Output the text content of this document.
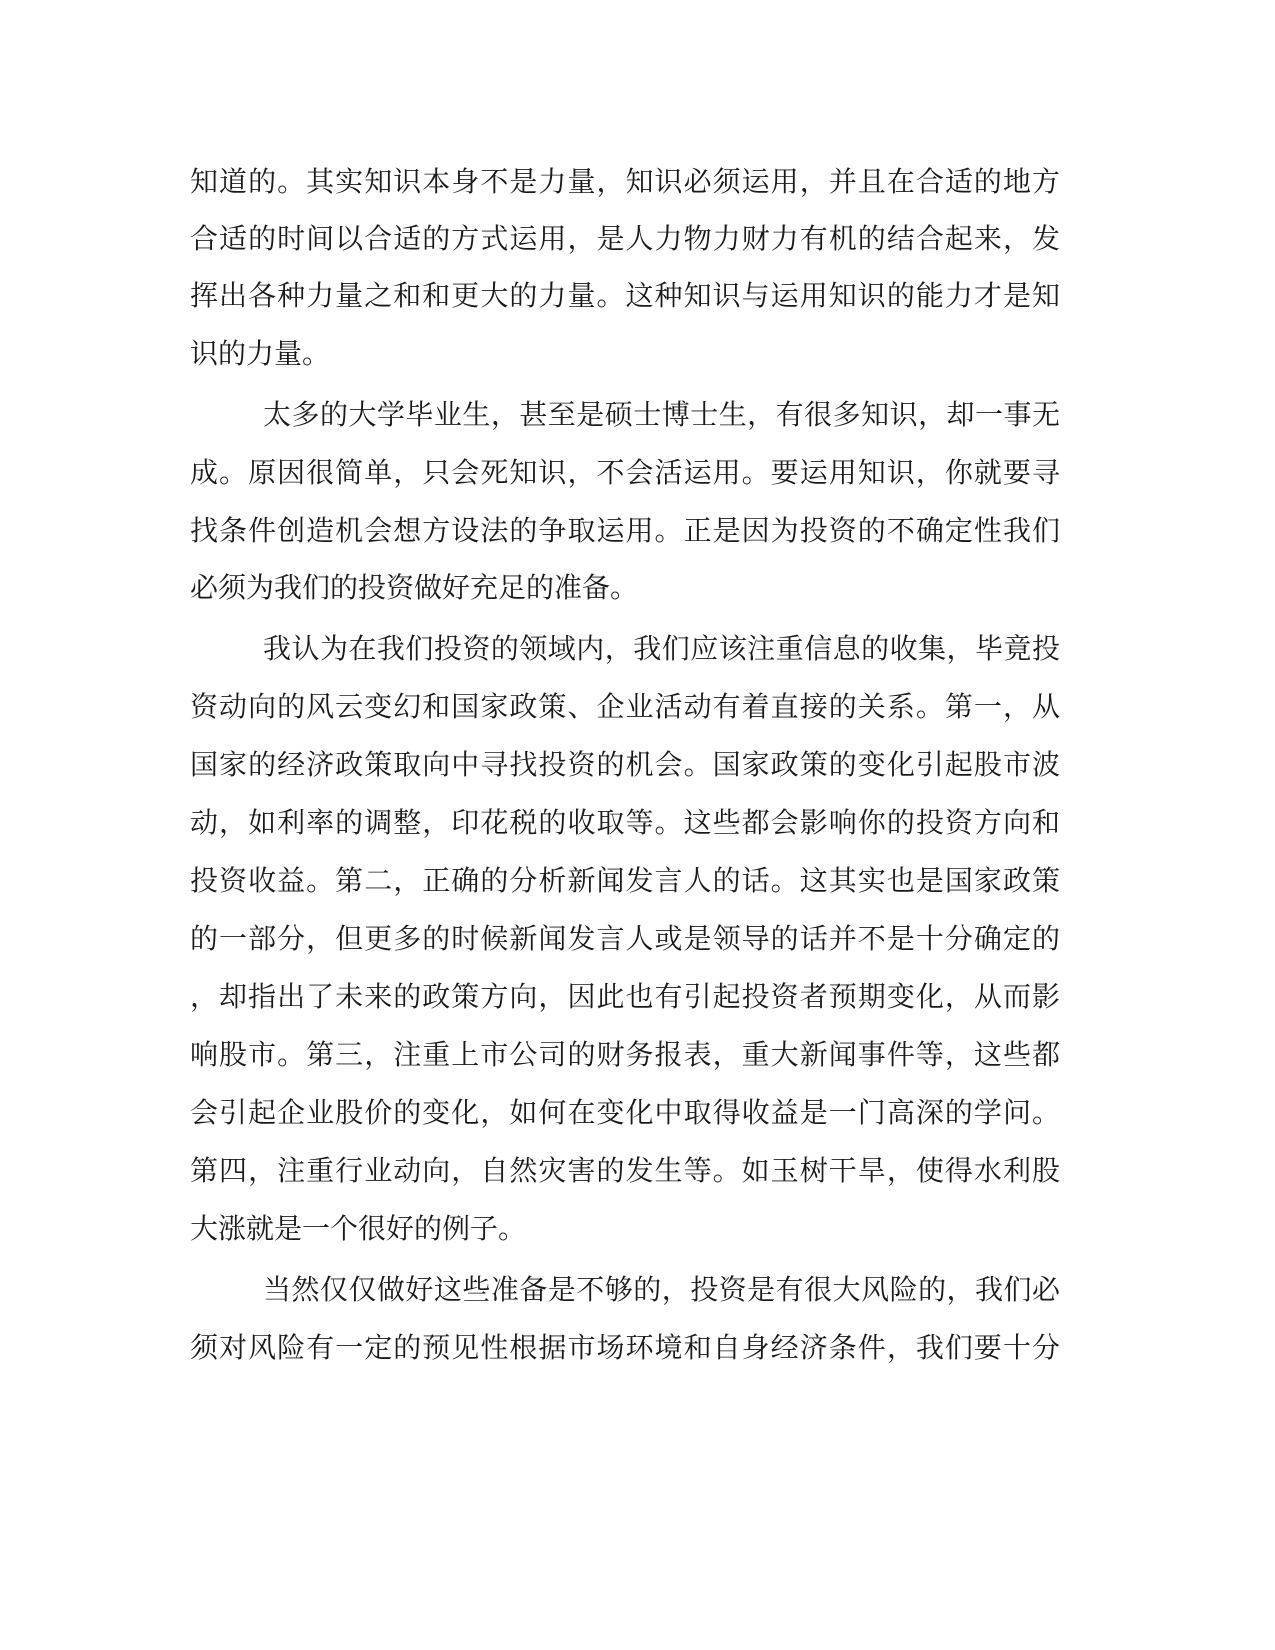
知道的。其实知识本身不是力量，知识必须运用，并且在合适的地方
合适的时间以合适的方式运用，是人力物力财力有机的结合起来，发
挥出各种力量之和和更大的力量。这种知识与运用知识的能力才是知
识的力量。
太多的大学毕业生，甚至是硕士博士生，有很多知识，却一事无
成。原因很简单，只会死知识，不会活运用。要运用知识，你就要寻
找条件创造机会想方设法的争取运用。正是因为投资的不确定性我们
必须为我们的投资做好充足的准备。
我认为在我们投资的领域内，我们应该注重信息的收集，毕竟投
资动向的风云变幻和国家政策、企业活动有着直接的关系。第一，从
国家的经济政策取向中寻找投资的机会。国家政策的变化引起股市波
动，如利率的调整，印花税的收取等。这些都会影响你的投资方向和
投资收益。第二，正确的分析新闻发言人的话。这其实也是国家政策
的一部分，但更多的时候新闻发言人或是领导的话并不是十分确定的
，却指出了未来的政策方向，因此也有引起投资者预期变化，从而影
响股市。第三，注重上市公司的财务报表，重大新闻事件等，这些都
会引起企业股价的变化，如何在变化中取得收益是一门高深的学问。
第四，注重行业动向，自然灾害的发生等。如玉树干旱，使得水利股
大涨就是一个很好的例子。
当然仅仅做好这些准备是不够的，投资是有很大风险的，我们必
须对风险有一定的预见性根据市场环境和自身经济条件，我们要十分
